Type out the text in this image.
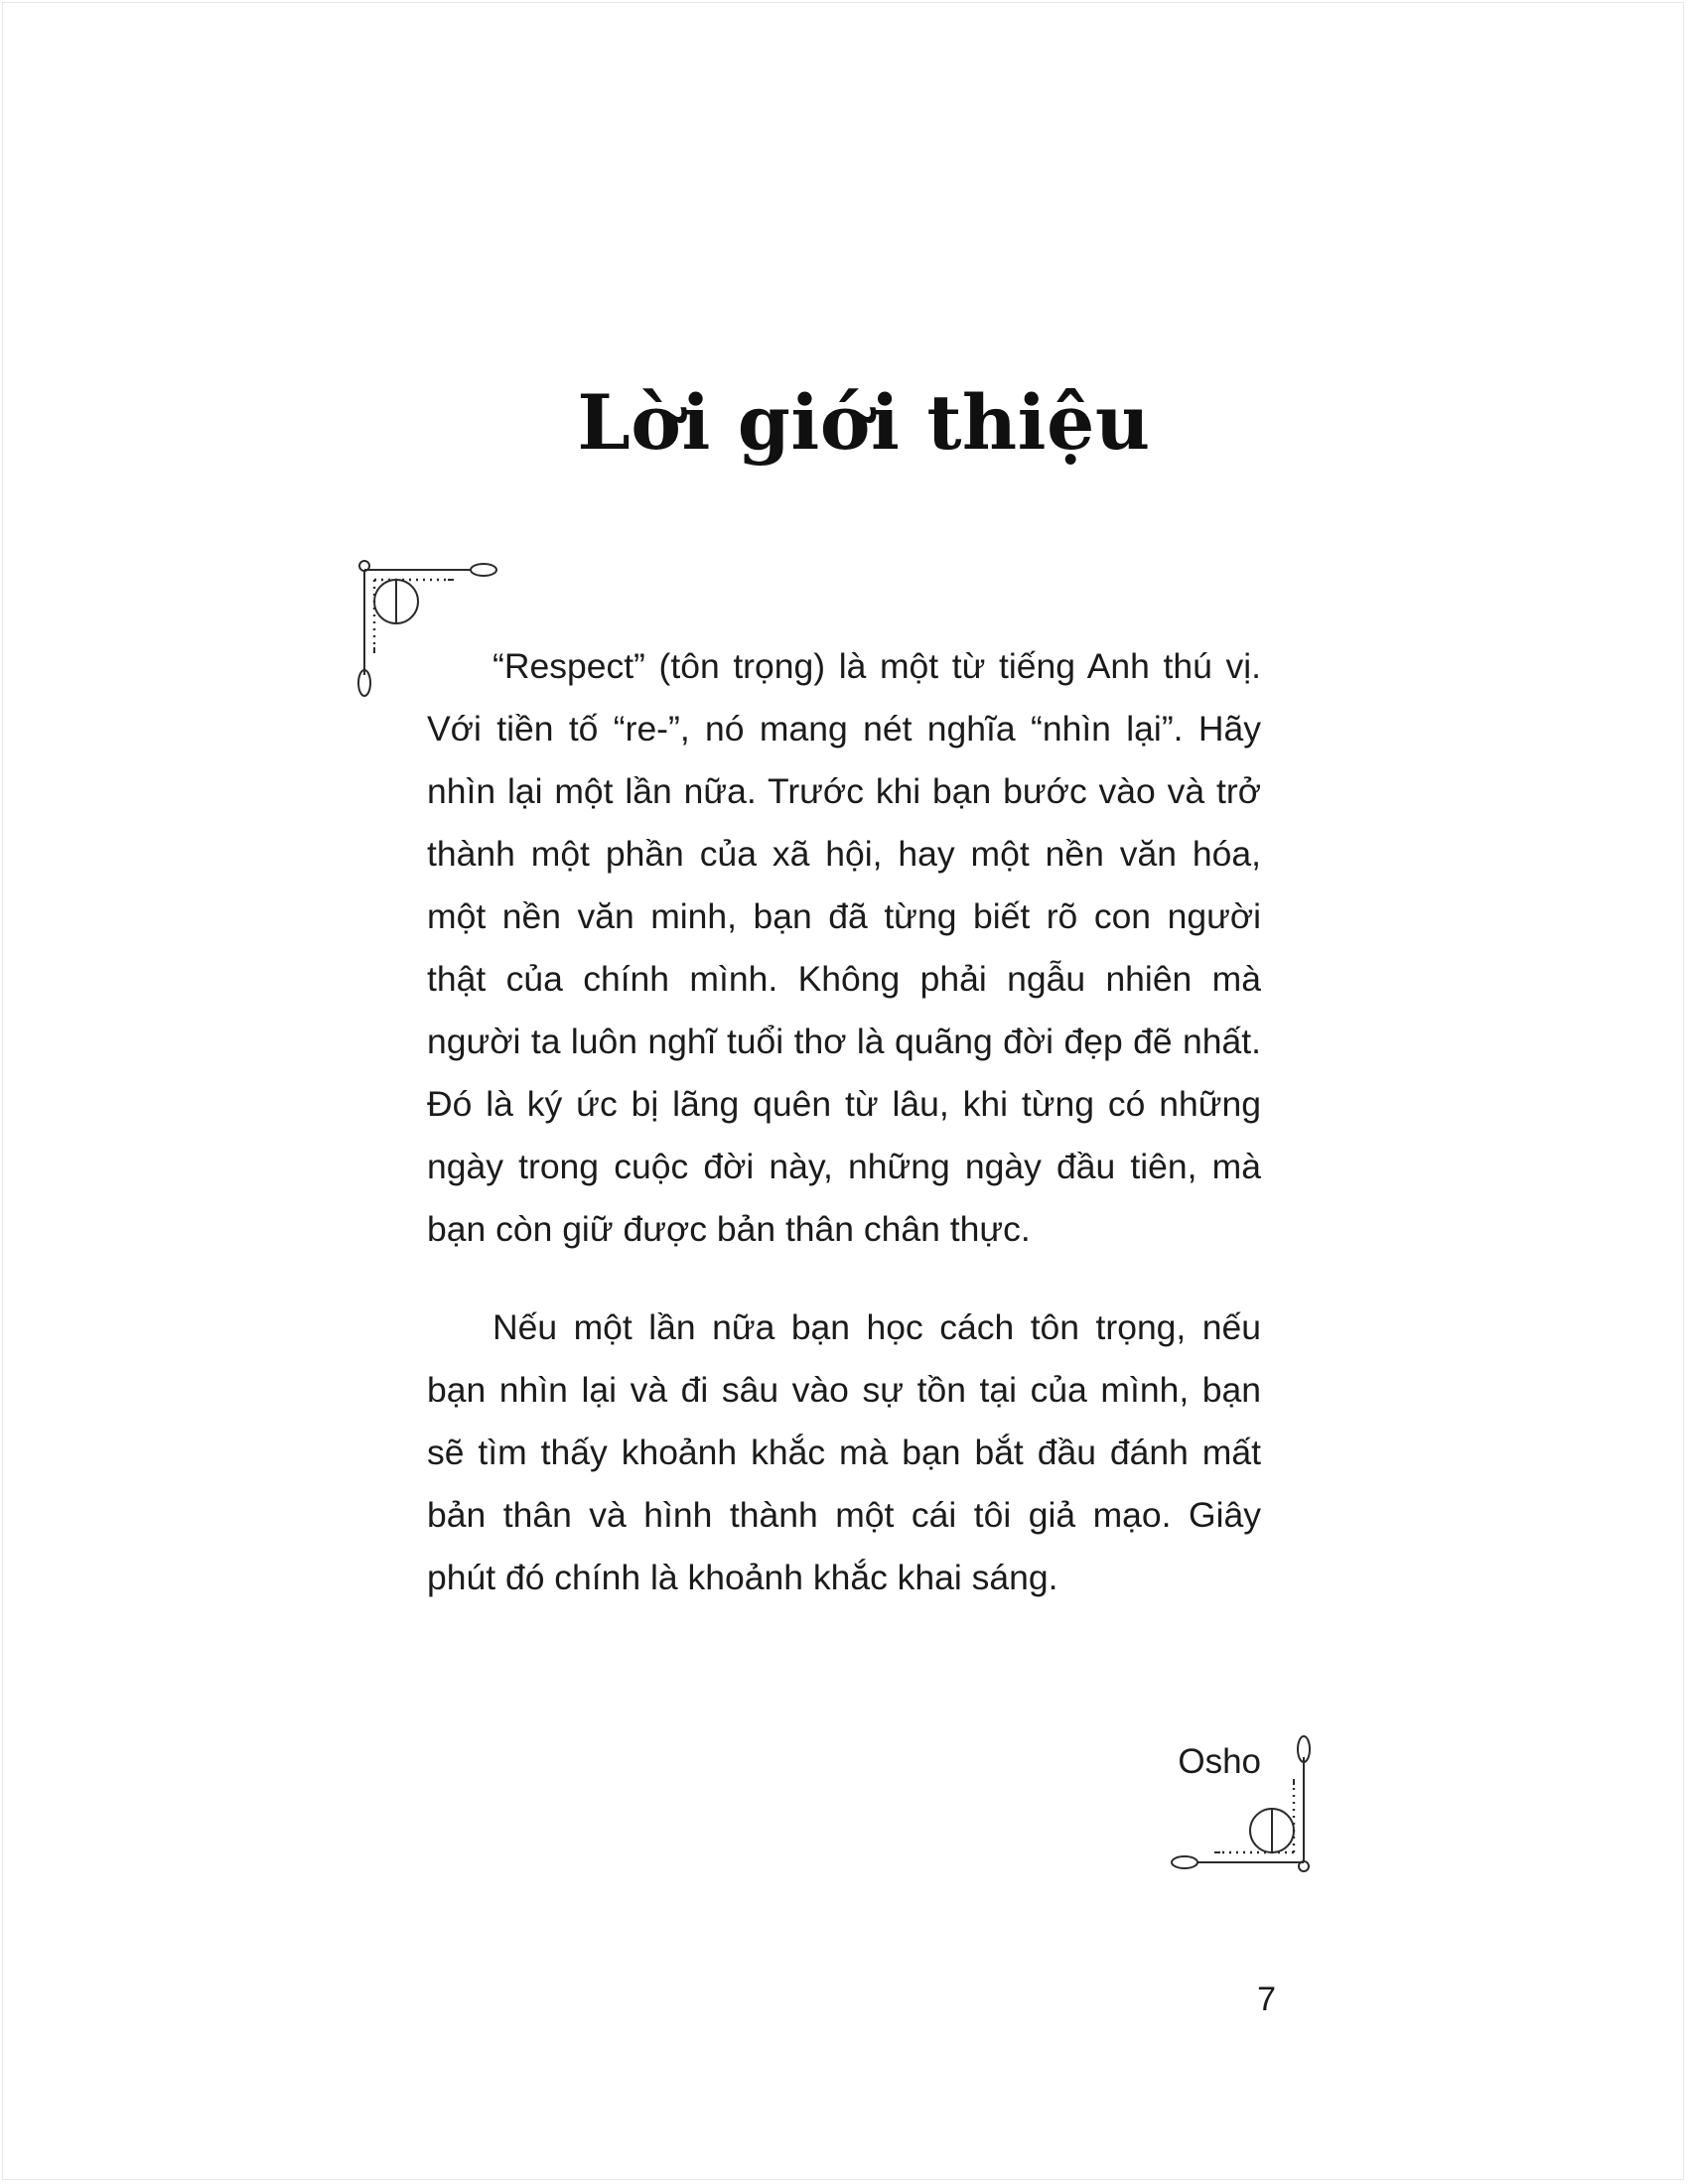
Lời giới thiệu

“Respect” (tôn trọng) là một từ tiếng Anh thú vị. Với tiền tố “re-”, nó mang nét nghĩa “nhìn lại”. Hãy nhìn lại một lần nữa. Trước khi bạn bước vào và trở thành một phần của xã hội, hay một nền văn hóa, một nền văn minh, bạn đã từng biết rõ con người thật của chính mình. Không phải ngẫu nhiên mà người ta luôn nghĩ tuổi thơ là quãng đời đẹp đẽ nhất. Đó là ký ức bị lãng quên từ lâu, khi từng có những ngày trong cuộc đời này, những ngày đầu tiên, mà bạn còn giữ được bản thân chân thực.

Nếu một lần nữa bạn học cách tôn trọng, nếu bạn nhìn lại và đi sâu vào sự tồn tại của mình, bạn sẽ tìm thấy khoảnh khắc mà bạn bắt đầu đánh mất bản thân và hình thành một cái tôi giả mạo. Giây phút đó chính là khoảnh khắc khai sáng.

Osho
7
